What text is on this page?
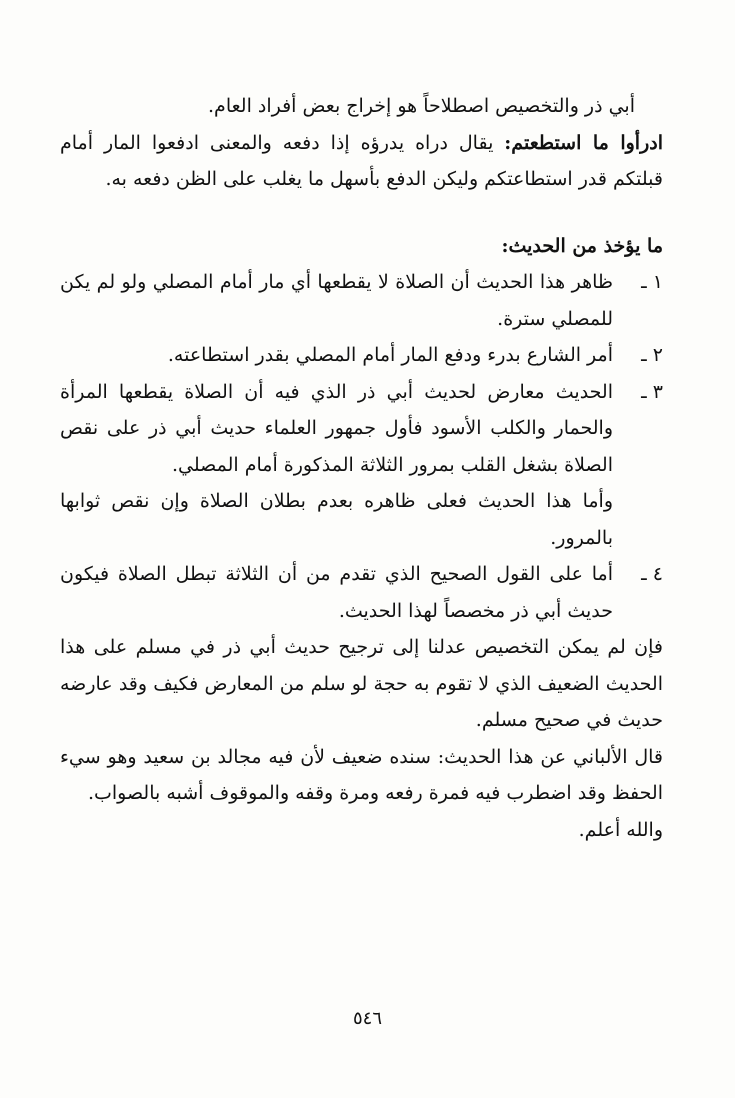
أبي ذر والتخصيص اصطلاحاً هو إخراج بعض أفراد العام.

ادرأوا ما استطعتم: يقال دراه يدرؤه إذا دفعه والمعنى ادفعوا المار أمام قبلتكم قدر استطاعتكم وليكن الدفع بأسهل ما يغلب على الظن دفعه به.

ما يؤخذ من الحديث:

١ ـ

ظاهر هذا الحديث أن الصلاة لا يقطعها أي مار أمام المصلي ولو لم يكن للمصلي سترة.

٢ ـ

أمر الشارع بدرء ودفع المار أمام المصلي بقدر استطاعته.

٣ ـ

الحديث معارض لحديث أبي ذر الذي فيه أن الصلاة يقطعها المرأة والحمار والكلب الأسود فأول جمهور العلماء حديث أبي ذر على نقص الصلاة بشغل القلب بمرور الثلاثة المذكورة أمام المصلي.

وأما هذا الحديث فعلى ظاهره بعدم بطلان الصلاة وإن نقص ثوابها بالمرور.

٤ ـ

أما على القول الصحيح الذي تقدم من أن الثلاثة تبطل الصلاة فيكون حديث أبي ذر مخصصاً لهذا الحديث.

فإن لم يمكن التخصيص عدلنا إلى ترجيح حديث أبي ذر في مسلم على هذا الحديث الضعيف الذي لا تقوم به حجة لو سلم من المعارض فكيف وقد عارضه حديث في صحيح مسلم.

قال الألباني عن هذا الحديث: سنده ضعيف لأن فيه مجالد بن سعيد وهو سيء الحفظ وقد اضطرب فيه فمرة رفعه ومرة وقفه والموقوف أشبه بالصواب.

والله أعلم.

٥٤٦
